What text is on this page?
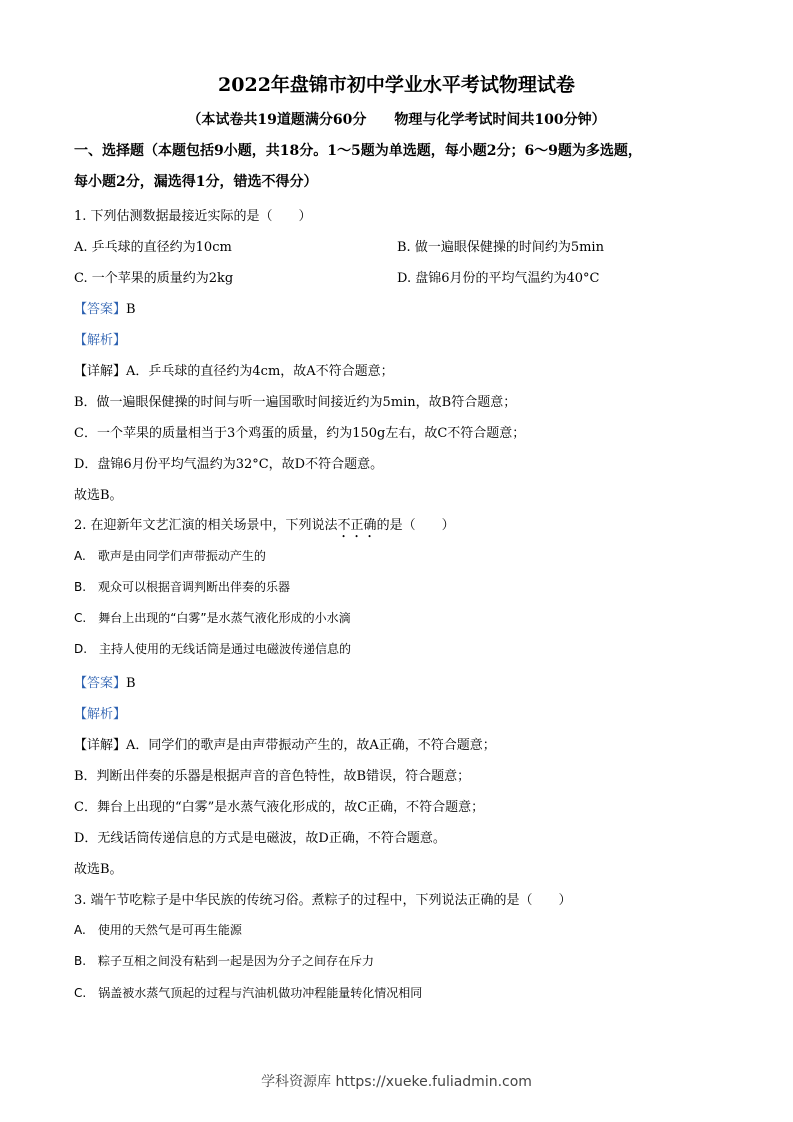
2022年盘锦市初中学业水平考试物理试卷
（本试卷共19道题满分60分　　物理与化学考试时间共100分钟）
一、选择题（本题包括9小题，共18分。1～5题为单选题，每小题2分；6～9题为多选题，
每小题2分，漏选得1分，错选不得分）
1. 下列估测数据最接近实际的是（　　）
A. 乒乓球的直径约为10cm	B. 做一遍眼保健操的时间约为5min
C. 一个苹果的质量约为2kg	D. 盘锦6月份的平均气温约为40°C
【答案】B
【解析】
【详解】A．乒乓球的直径约为4cm，故A不符合题意；
B．做一遍眼保健操的时间与听一遍国歌时间接近约为5min，故B符合题意；
C．一个苹果的质量相当于3个鸡蛋的质量，约为150g左右，故C不符合题意；
D．盘锦6月份平均气温约为32°C，故D不符合题意。
故选B。
2. 在迎新年文艺汇演的相关场景中，下列说法不正确的是（　　）
A.　歌声是由同学们声带振动产生的
B.　观众可以根据音调判断出伴奏的乐器
C.　舞台上出现的“白雾”是水蒸气液化形成的小水滴
D.　主持人使用的无线话筒是通过电磁波传递信息的
【答案】B
【解析】
【详解】A．同学们的歌声是由声带振动产生的，故A正确，不符合题意；
B．判断出伴奏的乐器是根据声音的音色特性，故B错误，符合题意；
C．舞台上出现的“白雾”是水蒸气液化形成的，故C正确，不符合题意；
D．无线话筒传递信息的方式是电磁波，故D正确，不符合题意。
故选B。
3. 端午节吃粽子是中华民族的传统习俗。煮粽子的过程中，下列说法正确的是（　　）
A.　使用的天然气是可再生能源
B.　粽子互相之间没有粘到一起是因为分子之间存在斥力
C.　锅盖被水蒸气顶起的过程与汽油机做功冲程能量转化情况相同
学科资源库 https://xueke.fuliadmin.com
